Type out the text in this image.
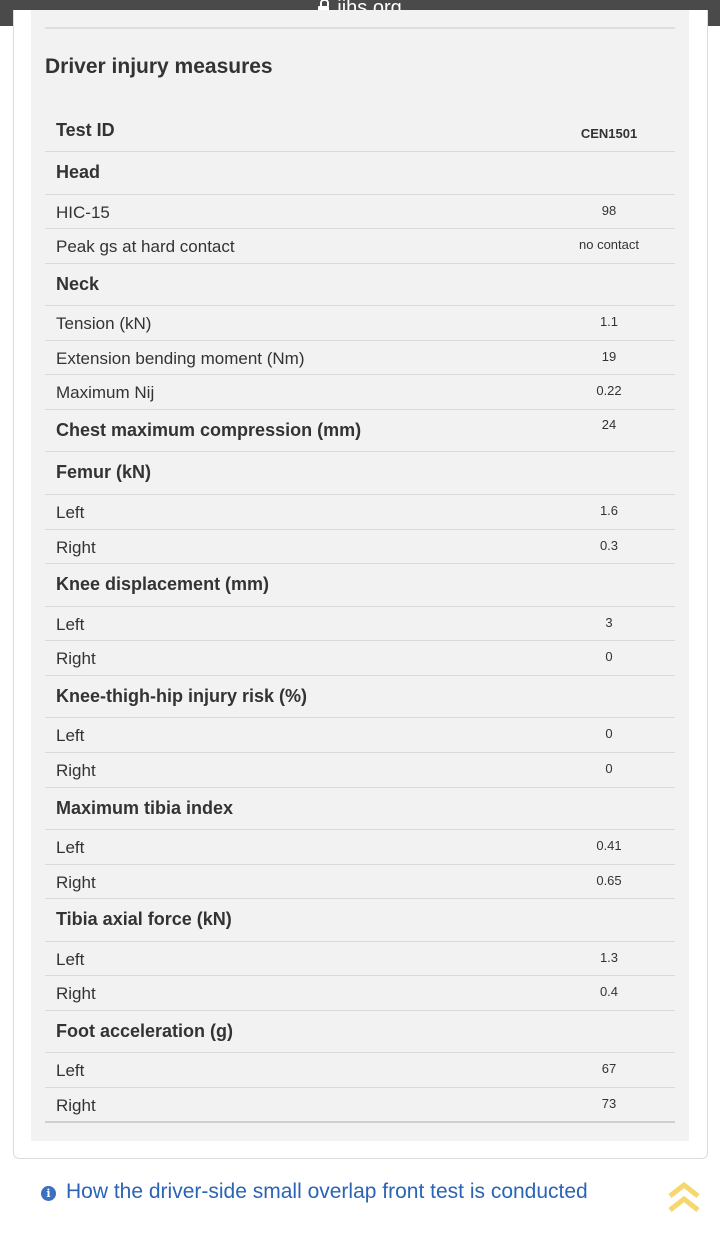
Driver injury measures
Test ID	CEN1501
Head
HIC-15	98
Peak gs at hard contact	no contact
Neck
Tension (kN)	1.1
Extension bending moment (Nm)	19
Maximum Nij	0.22
Chest maximum compression (mm)	24
Femur (kN)
Left	1.6
Right	0.3
Knee displacement (mm)
Left	3
Right	0
Knee-thigh-hip injury risk (%)
Left	0
Right	0
Maximum tibia index
Left	0.41
Right	0.65
Tibia axial force (kN)
Left	1.3
Right	0.4
Foot acceleration (g)
Left	67
Right	73
i How the driver-side small overlap front test is conducted
